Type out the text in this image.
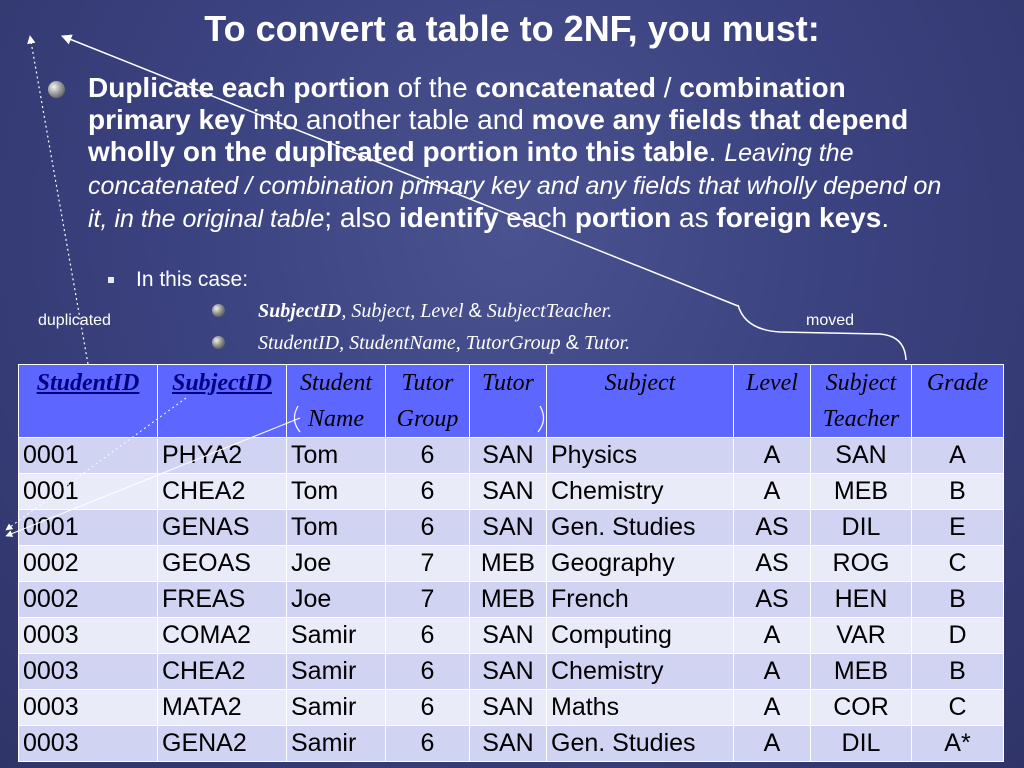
To convert a table to 2NF, you must:
Duplicate each portion of the concatenated / combination primary key into another table and move any fields that depend wholly on the duplicated portion into this table. Leaving the concatenated / combination primary key and any fields that wholly depend on it, in the original table; also identify each portion as foreign keys.
In this case:
SubjectID, Subject, Level & SubjectTeacher.
StudentID, StudentName, TutorGroup & Tutor.
duplicated	moved
StudentID	SubjectID	Student Name	Tutor Group	Tutor	Subject	Level	Subject Teacher	Grade
0001	PHYA2	Tom	6	SAN	Physics	A	SAN	A
0001	CHEA2	Tom	6	SAN	Chemistry	A	MEB	B
0001	GENAS	Tom	6	SAN	Gen. Studies	AS	DIL	E
0002	GEOAS	Joe	7	MEB	Geography	AS	ROG	C
0002	FREAS	Joe	7	MEB	French	AS	HEN	B
0003	COMA2	Samir	6	SAN	Computing	A	VAR	D
0003	CHEA2	Samir	6	SAN	Chemistry	A	MEB	B
0003	MATA2	Samir	6	SAN	Maths	A	COR	C
0003	GENA2	Samir	6	SAN	Gen. Studies	A	DIL	A*
